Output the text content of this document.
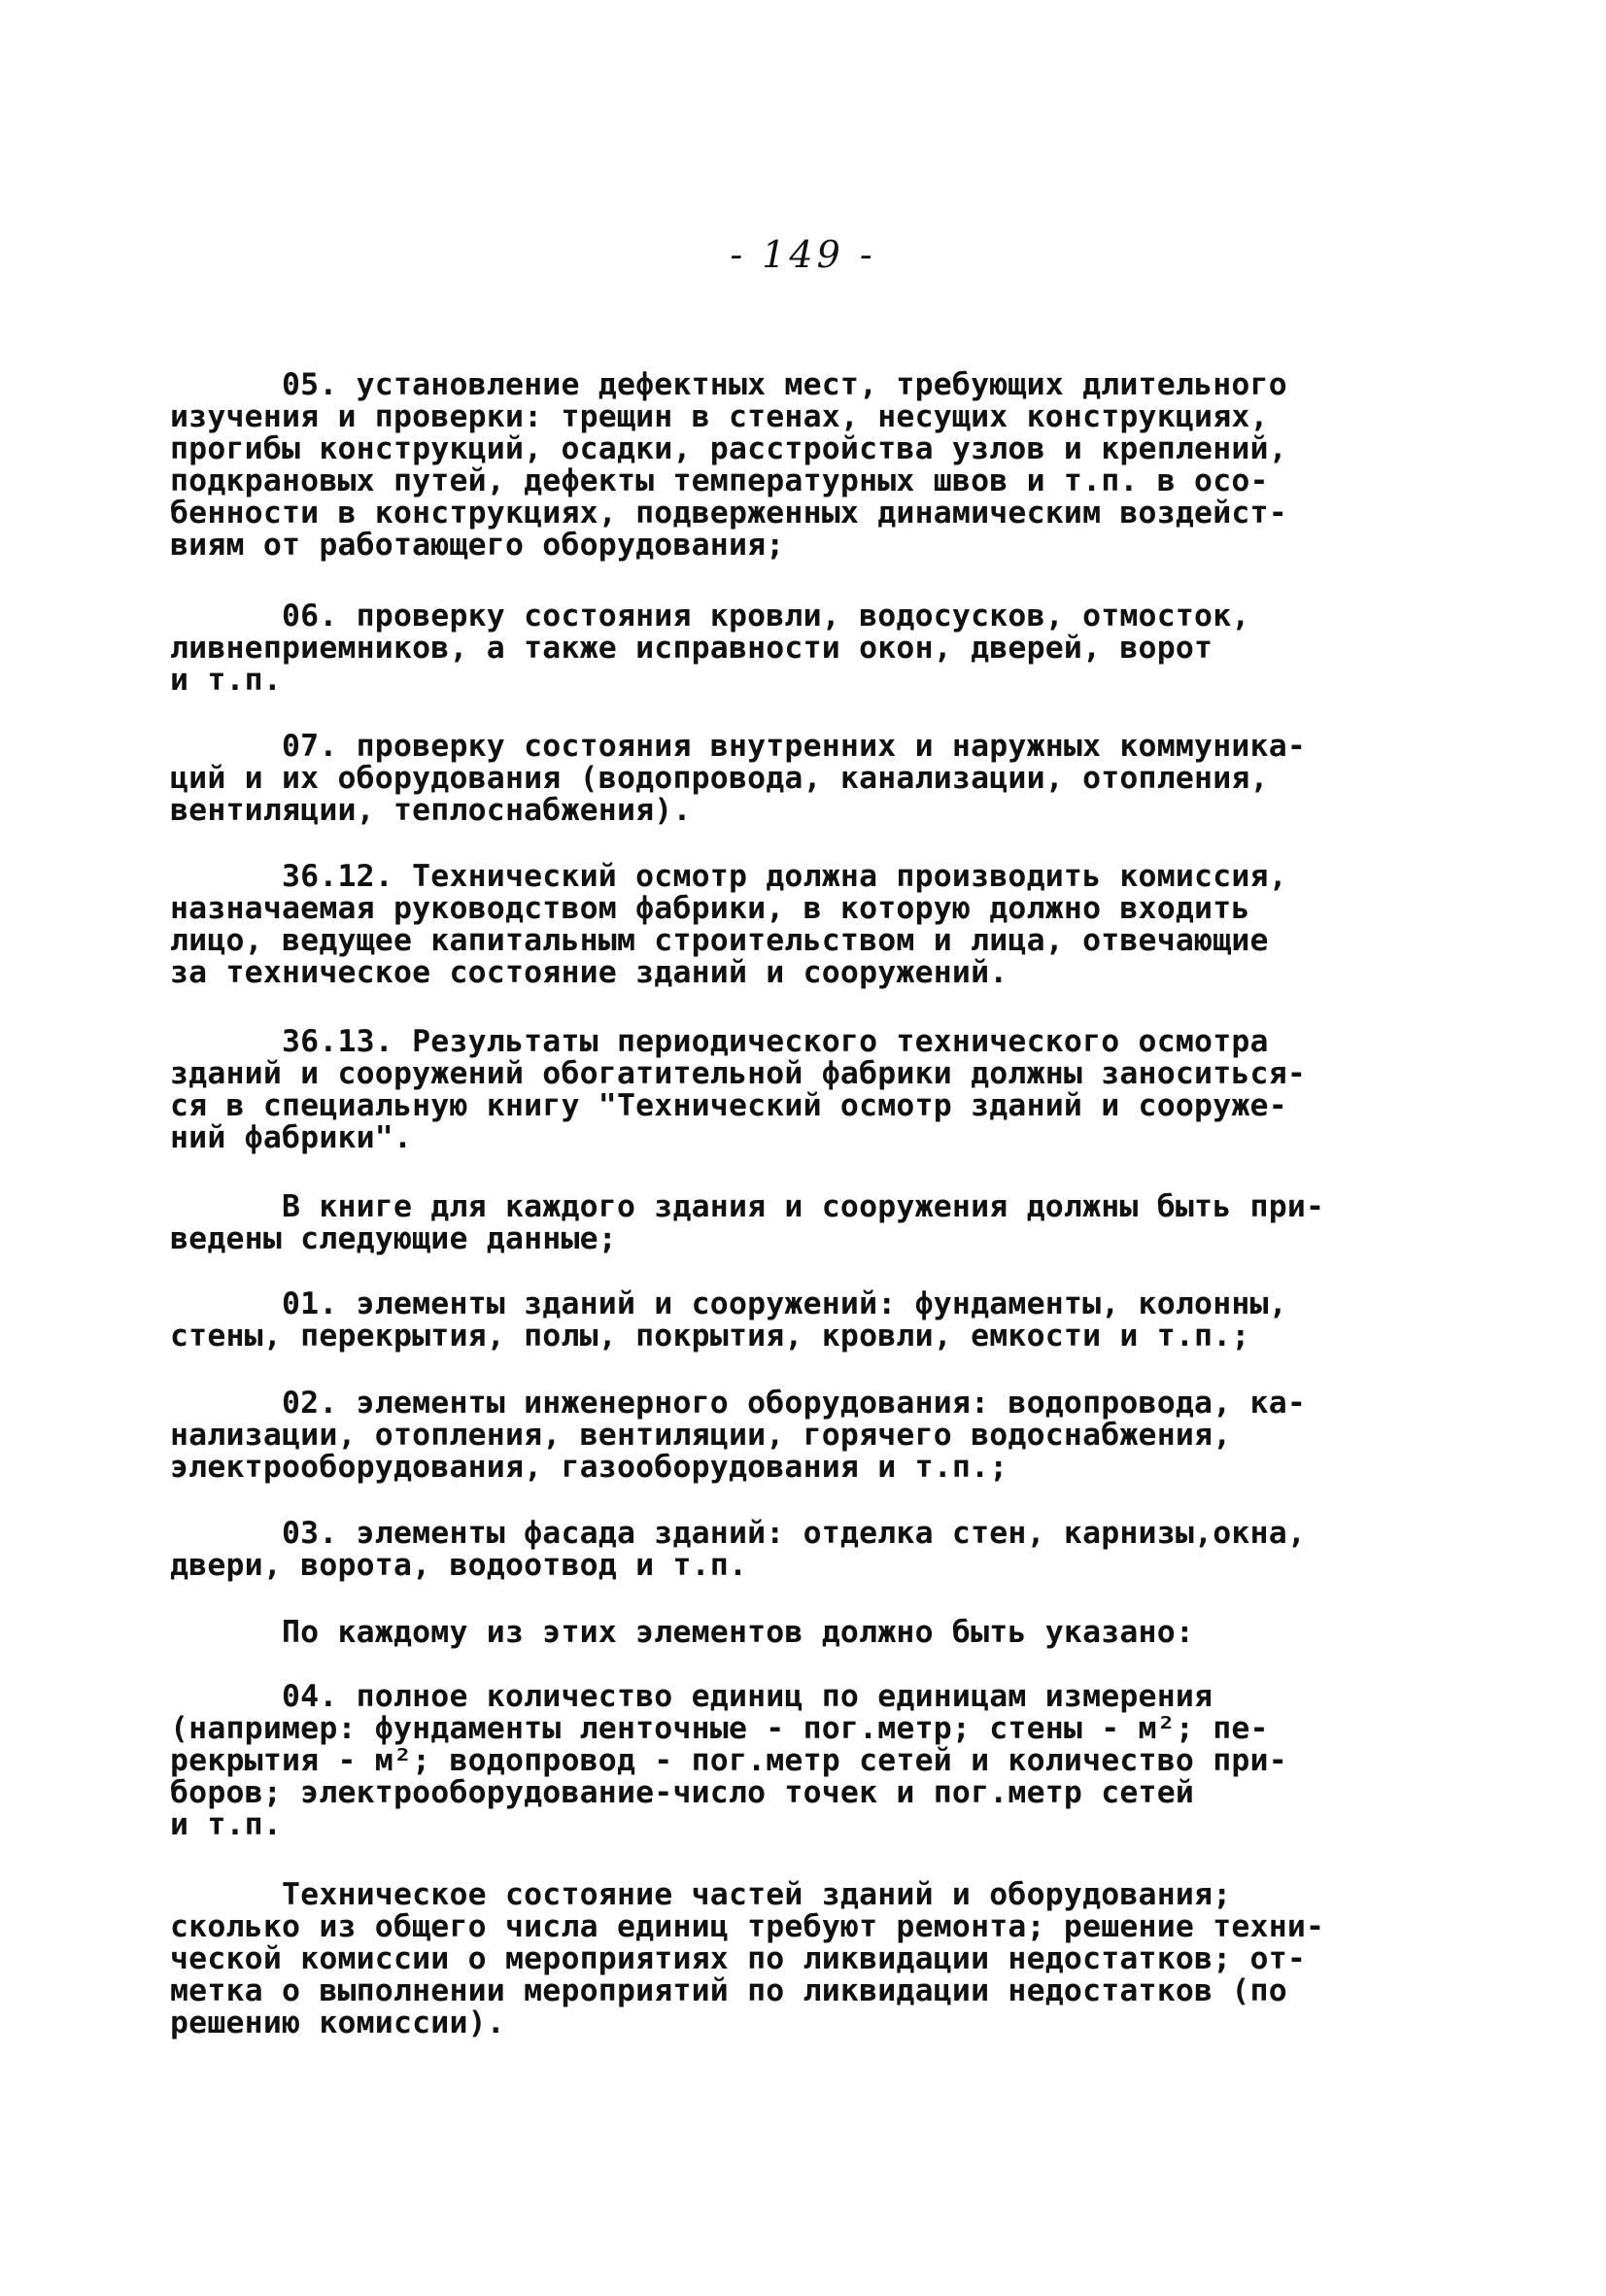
- 149 -
05. установление дефектных мест, требующих длительного
изучения и проверки: трещин в стенах, несущих конструкциях,
прогибы конструкций, осадки, расстройства узлов и креплений,
подкрановых путей, дефекты температурных швов и т.п. в осо-
бенности в конструкциях, подверженных динамическим воздейст-
виям от работающего оборудования;
06. проверку состояния кровли, водосусков, отмосток,
ливнеприемников, а также исправности окон, дверей, ворот
и т.п.
07. проверку состояния внутренних и наружных коммуника-
ций и их оборудования (водопровода, канализации, отопления,
вентиляции, теплоснабжения).
36.12. Технический осмотр должна производить комиссия,
назначаемая руководством фабрики, в которую должно входить
лицо, ведущее капитальным строительством и лица, отвечающие
за техническое состояние зданий и сооружений.
36.13. Результаты периодического технического осмотра
зданий и сооружений обогатительной фабрики должны заноситься-
ся в специальную книгу "Технический осмотр зданий и сооруже-
ний фабрики".
В книге для каждого здания и сооружения должны быть при-
ведены следующие данные;
01. элементы зданий и сооружений: фундаменты, колонны,
стены, перекрытия, полы, покрытия, кровли, емкости и т.п.;
02. элементы инженерного оборудования: водопровода, ка-
нализации, отопления, вентиляции, горячего водоснабжения,
электрооборудования, газооборудования и т.п.;
03. элементы фасада зданий: отделка стен, карнизы,окна,
двери, ворота, водоотвод и т.п.
По каждому из этих элементов должно быть указано:
04. полное количество единиц по единицам измерения
(например: фундаменты ленточные - пог.метр; стены - м²; пе-
рекрытия - м²; водопровод - пог.метр сетей и количество при-
боров; электрооборудование-число точек и пог.метр сетей
и т.п.
Техническое состояние частей зданий и оборудования;
сколько из общего числа единиц требуют ремонта; решение техни-
ческой комиссии о мероприятиях по ликвидации недостатков; от-
метка о выполнении мероприятий по ликвидации недостатков (по
решению комиссии).
